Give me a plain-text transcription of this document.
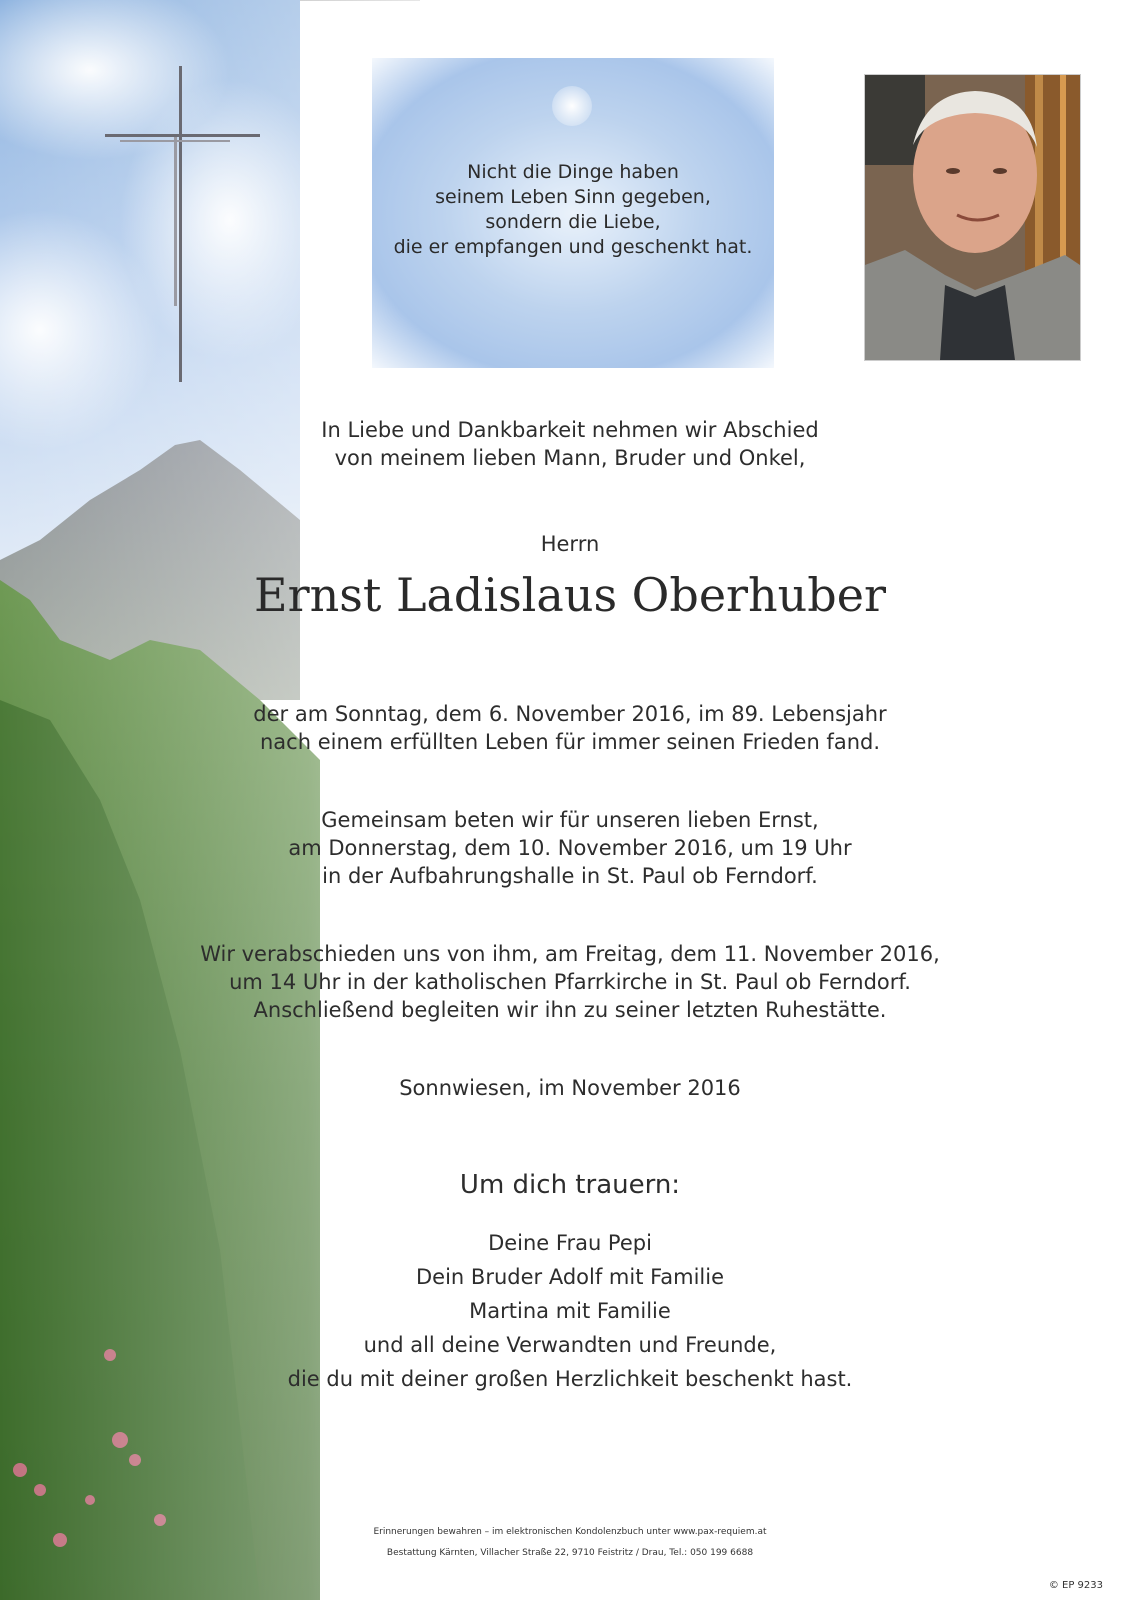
Nicht die Dinge haben
seinem Leben Sinn gegeben,
sondern die Liebe,
die er empfangen und geschenkt hat.
In Liebe und Dankbarkeit nehmen wir Abschied
von meinem lieben Mann, Bruder und Onkel,
Herrn
Ernst Ladislaus Oberhuber
der am Sonntag, dem 6. November 2016, im 89. Lebensjahr
nach einem erfüllten Leben für immer seinen Frieden fand.
Gemeinsam beten wir für unseren lieben Ernst,
am Donnerstag, dem 10. November 2016, um 19 Uhr
in der Aufbahrungshalle in St. Paul ob Ferndorf.
Wir verabschieden uns von ihm, am Freitag, dem 11. November 2016,
um 14 Uhr in der katholischen Pfarrkirche in St. Paul ob Ferndorf.
Anschließend begleiten wir ihn zu seiner letzten Ruhestätte.
Sonnwiesen, im November 2016
Um dich trauern:
Deine Frau Pepi
Dein Bruder Adolf mit Familie
Martina mit Familie
und all deine Verwandten und Freunde,
die du mit deiner großen Herzlichkeit beschenkt hast.
Erinnerungen bewahren – im elektronischen Kondolenzbuch unter www.pax-requiem.at
Bestattung Kärnten, Villacher Straße 22, 9710 Feistritz / Drau, Tel.: 050 199 6688
© EP 9233
